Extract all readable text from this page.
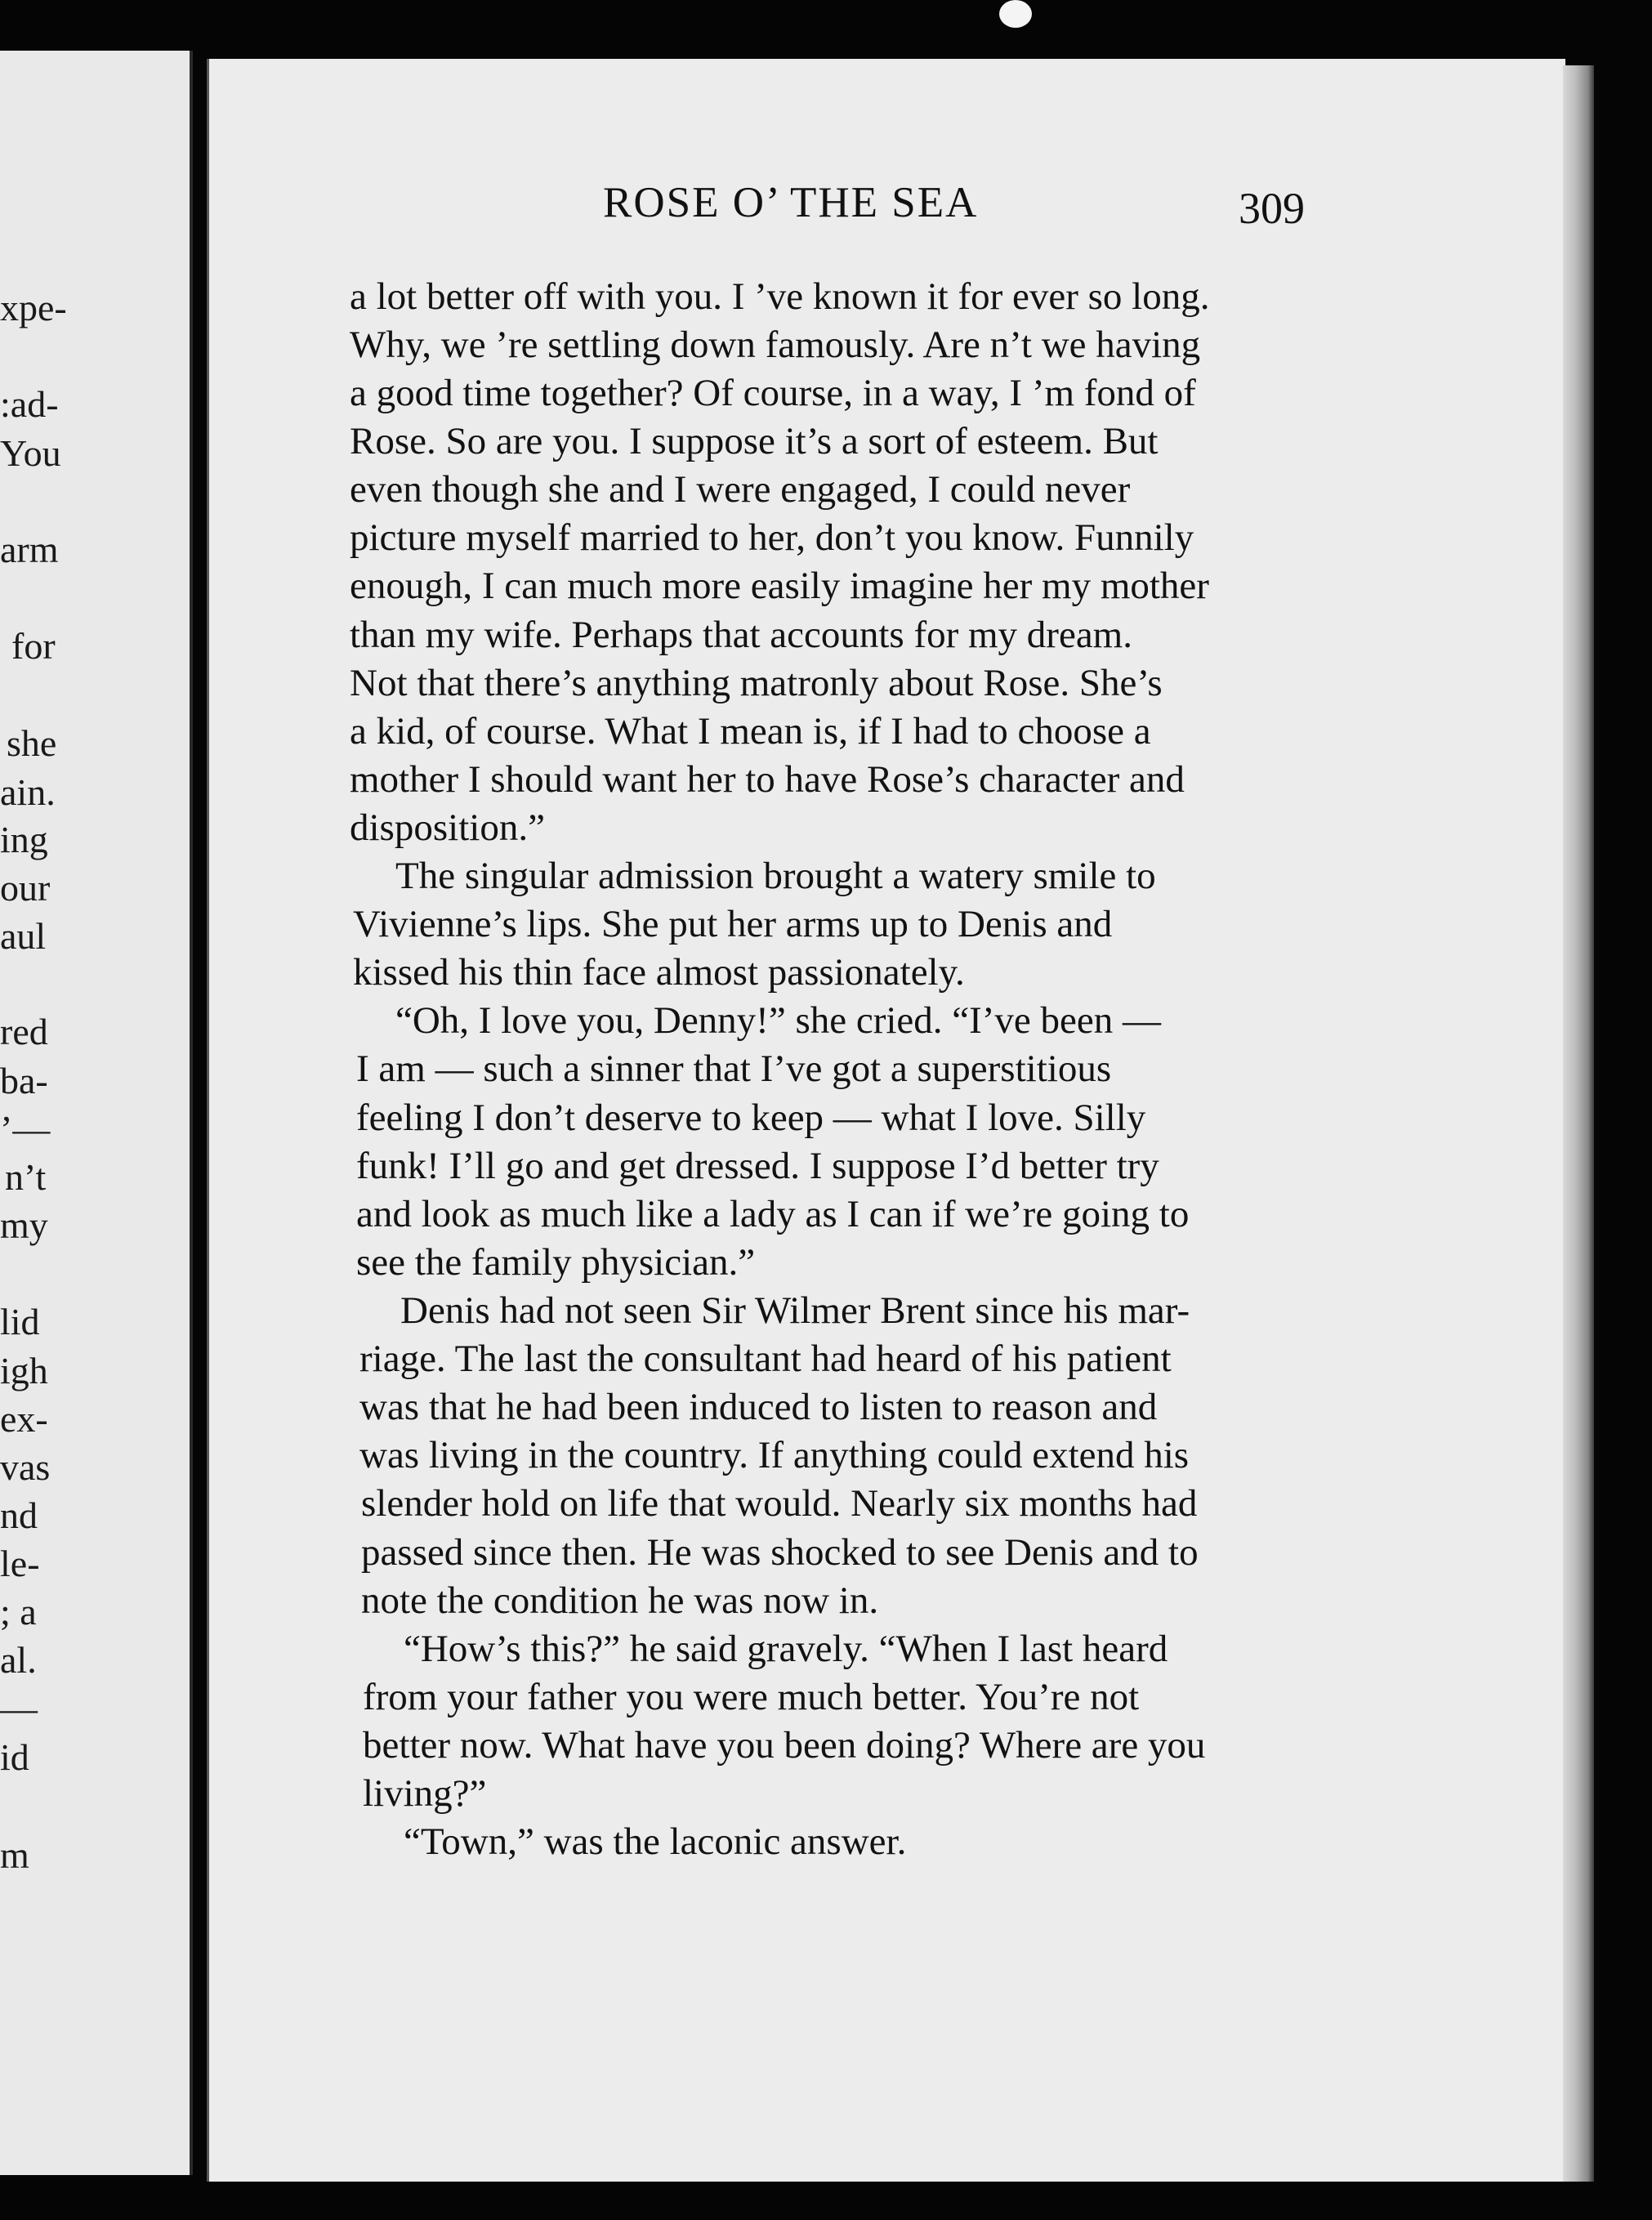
xpe-
:ad-
You
arm
for
she
ain.
ing
our
aul
red
ba-
’—
n’t
my
lid
igh
ex-
vas
nd
le-
; a
al.
—
id
m
ROSE O’ THE SEA	309
a lot better off with you. I ’ve known it for ever so long.
Why, we ’re settling down famously. Are n’t we having
a good time together? Of course, in a way, I ’m fond of
Rose. So are you. I suppose it’s a sort of esteem. But
even though she and I were engaged, I could never
picture myself married to her, don’t you know. Funnily
enough, I can much more easily imagine her my mother
than my wife. Perhaps that accounts for my dream.
Not that there’s anything matronly about Rose. She’s
a kid, of course. What I mean is, if I had to choose a
mother I should want her to have Rose’s character and
disposition.”
The singular admission brought a watery smile to
Vivienne’s lips. She put her arms up to Denis and
kissed his thin face almost passionately.
“Oh, I love you, Denny!” she cried. “I’ve been —
I am — such a sinner that I’ve got a superstitious
feeling I don’t deserve to keep — what I love. Silly
funk! I’ll go and get dressed. I suppose I’d better try
and look as much like a lady as I can if we’re going to
see the family physician.”
Denis had not seen Sir Wilmer Brent since his mar-
riage. The last the consultant had heard of his patient
was that he had been induced to listen to reason and
was living in the country. If anything could extend his
slender hold on life that would. Nearly six months had
passed since then. He was shocked to see Denis and to
note the condition he was now in.
“How’s this?” he said gravely. “When I last heard
from your father you were much better. You’re not
better now. What have you been doing? Where are you
living?”
“Town,” was the laconic answer.
